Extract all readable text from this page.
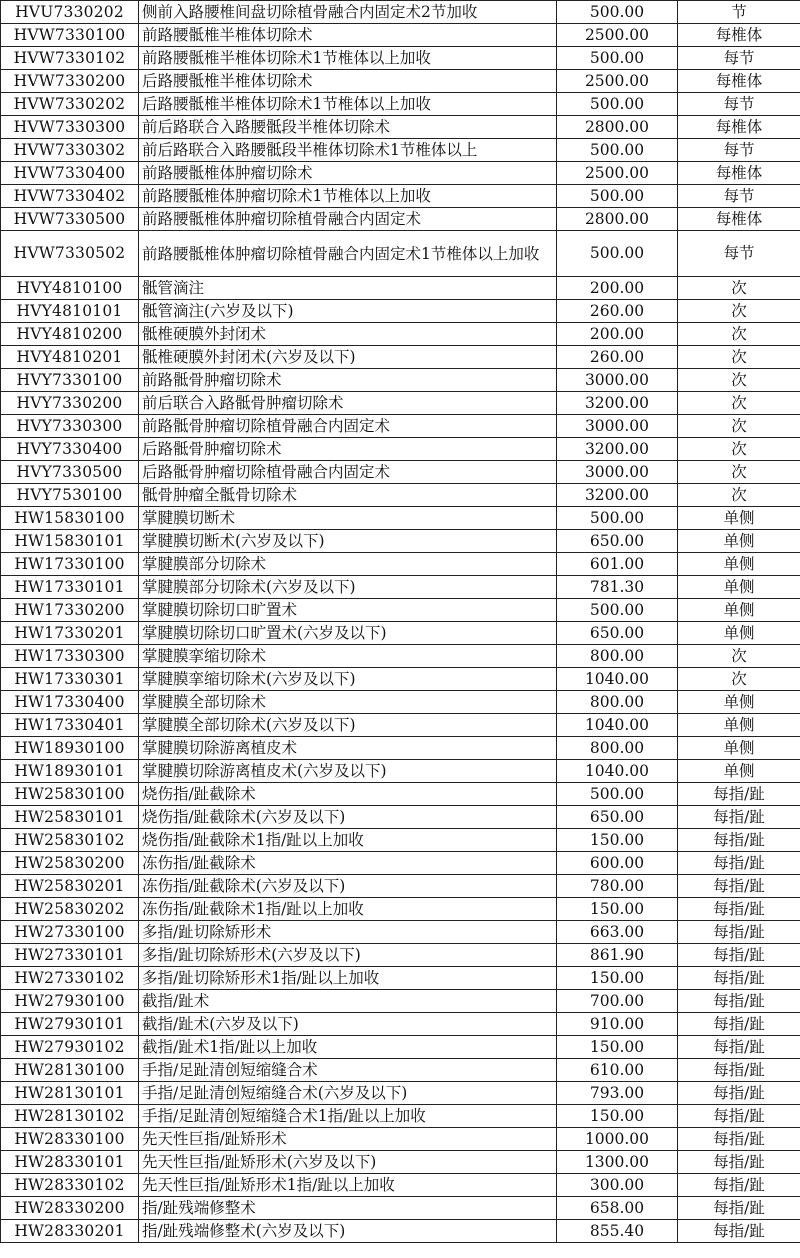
HVU7330202	侧前入路腰椎间盘切除植骨融合内固定术2节加收	500.00	节
HVW7330100	前路腰骶椎半椎体切除术	2500.00	每椎体
HVW7330102	前路腰骶椎半椎体切除术1节椎体以上加收	500.00	每节
HVW7330200	后路腰骶椎半椎体切除术	2500.00	每椎体
HVW7330202	后路腰骶椎半椎体切除术1节椎体以上加收	500.00	每节
HVW7330300	前后路联合入路腰骶段半椎体切除术	2800.00	每椎体
HVW7330302	前后路联合入路腰骶段半椎体切除术1节椎体以上	500.00	每节
HVW7330400	前路腰骶椎体肿瘤切除术	2500.00	每椎体
HVW7330402	前路腰骶椎体肿瘤切除术1节椎体以上加收	500.00	每节
HVW7330500	前路腰骶椎体肿瘤切除植骨融合内固定术	2800.00	每椎体
HVW7330502	前路腰骶椎体肿瘤切除植骨融合内固定术1节椎体以上加收	500.00	每节
HVY4810100	骶管滴注	200.00	次
HVY4810101	骶管滴注(六岁及以下)	260.00	次
HVY4810200	骶椎硬膜外封闭术	200.00	次
HVY4810201	骶椎硬膜外封闭术(六岁及以下)	260.00	次
HVY7330100	前路骶骨肿瘤切除术	3000.00	次
HVY7330200	前后联合入路骶骨肿瘤切除术	3200.00	次
HVY7330300	前路骶骨肿瘤切除植骨融合内固定术	3000.00	次
HVY7330400	后路骶骨肿瘤切除术	3200.00	次
HVY7330500	后路骶骨肿瘤切除植骨融合内固定术	3000.00	次
HVY7530100	骶骨肿瘤全骶骨切除术	3200.00	次
HW15830100	掌腱膜切断术	500.00	单侧
HW15830101	掌腱膜切断术(六岁及以下)	650.00	单侧
HW17330100	掌腱膜部分切除术	601.00	单侧
HW17330101	掌腱膜部分切除术(六岁及以下)	781.30	单侧
HW17330200	掌腱膜切除切口旷置术	500.00	单侧
HW17330201	掌腱膜切除切口旷置术(六岁及以下)	650.00	单侧
HW17330300	掌腱膜挛缩切除术	800.00	次
HW17330301	掌腱膜挛缩切除术(六岁及以下)	1040.00	次
HW17330400	掌腱膜全部切除术	800.00	单侧
HW17330401	掌腱膜全部切除术(六岁及以下)	1040.00	单侧
HW18930100	掌腱膜切除游离植皮术	800.00	单侧
HW18930101	掌腱膜切除游离植皮术(六岁及以下)	1040.00	单侧
HW25830100	烧伤指/趾截除术	500.00	每指/趾
HW25830101	烧伤指/趾截除术(六岁及以下)	650.00	每指/趾
HW25830102	烧伤指/趾截除术1指/趾以上加收	150.00	每指/趾
HW25830200	冻伤指/趾截除术	600.00	每指/趾
HW25830201	冻伤指/趾截除术(六岁及以下)	780.00	每指/趾
HW25830202	冻伤指/趾截除术1指/趾以上加收	150.00	每指/趾
HW27330100	多指/趾切除矫形术	663.00	每指/趾
HW27330101	多指/趾切除矫形术(六岁及以下)	861.90	每指/趾
HW27330102	多指/趾切除矫形术1指/趾以上加收	150.00	每指/趾
HW27930100	截指/趾术	700.00	每指/趾
HW27930101	截指/趾术(六岁及以下)	910.00	每指/趾
HW27930102	截指/趾术1指/趾以上加收	150.00	每指/趾
HW28130100	手指/足趾清创短缩缝合术	610.00	每指/趾
HW28130101	手指/足趾清创短缩缝合术(六岁及以下)	793.00	每指/趾
HW28130102	手指/足趾清创短缩缝合术1指/趾以上加收	150.00	每指/趾
HW28330100	先天性巨指/趾矫形术	1000.00	每指/趾
HW28330101	先天性巨指/趾矫形术(六岁及以下)	1300.00	每指/趾
HW28330102	先天性巨指/趾矫形术1指/趾以上加收	300.00	每指/趾
HW28330200	指/趾残端修整术	658.00	每指/趾
HW28330201	指/趾残端修整术(六岁及以下)	855.40	每指/趾
